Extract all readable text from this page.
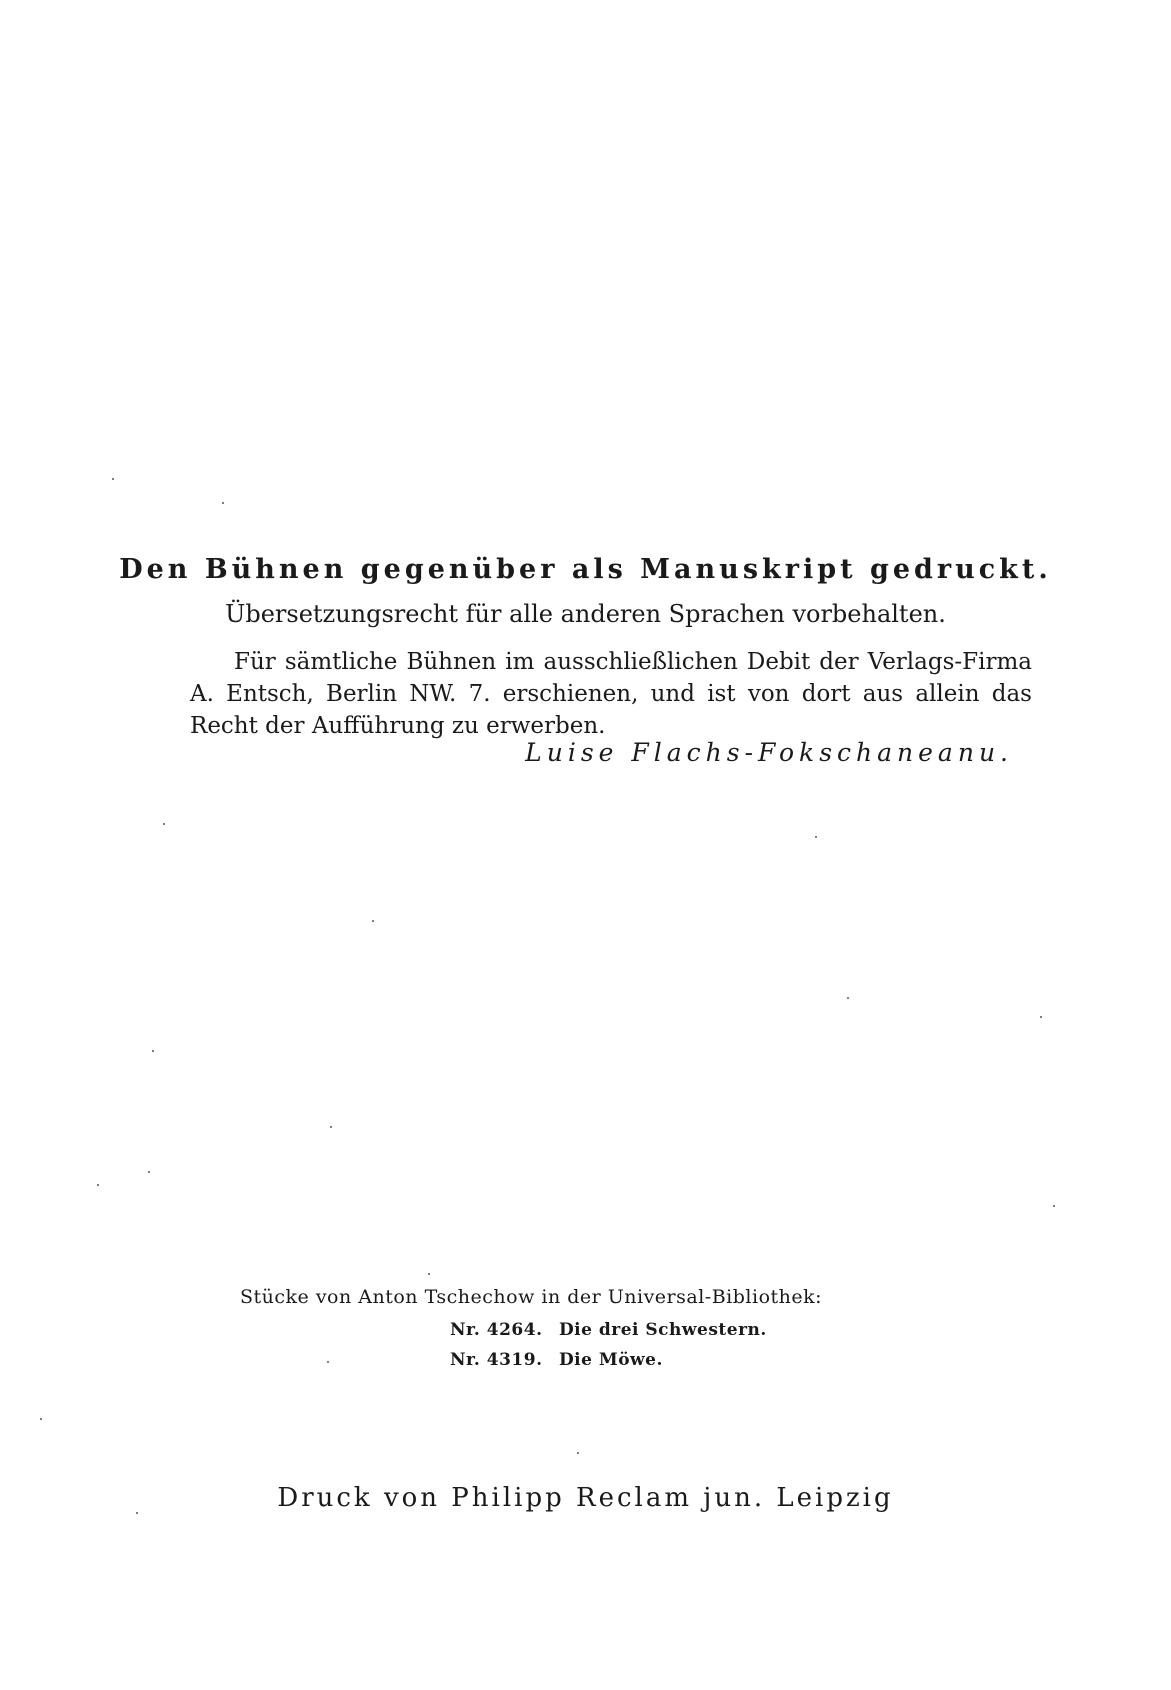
Den Bühnen gegenüber als Manuskript gedruckt.
Übersetzungsrecht für alle anderen Sprachen vorbehalten.

Für sämtliche Bühnen im ausschließlichen Debit der Verlags-Firma A. Entsch, Berlin NW. 7. erschienen, und ist von dort aus allein das Recht der Aufführung zu erwerben.

Luise Flachs-Fokschaneanu.
Stücke von Anton Tschechow in der Universal-Bibliothek:
Nr. 4264. Die drei Schwestern.
Nr. 4319. Die Möwe.
Druck von Philipp Reclam jun. Leipzig
